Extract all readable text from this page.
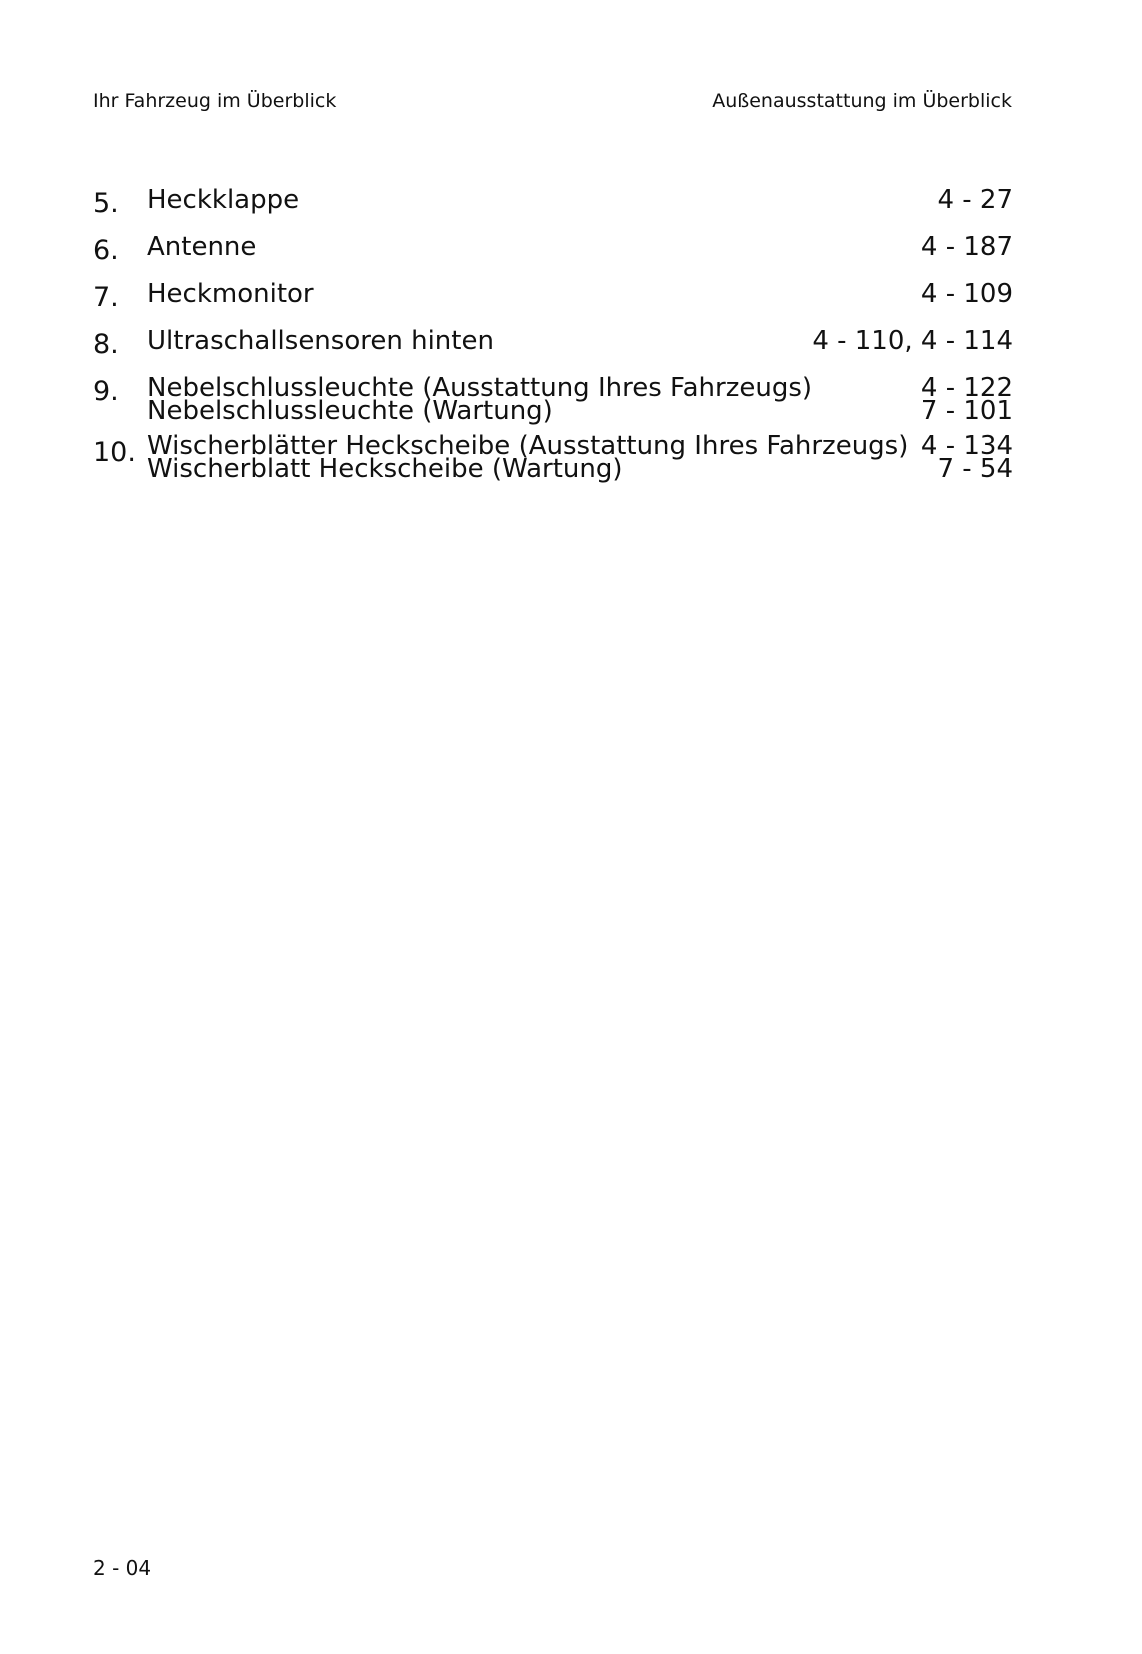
Ihr Fahrzeug im Überblick	Außenausstattung im Überblick
5. Heckklappe	4 - 27
6. Antenne	4 - 187
7. Heckmonitor	4 - 109
8. Ultraschallsensoren hinten	4 - 110, 4 - 114
9. Nebelschlussleuchte (Ausstattung Ihres Fahrzeugs)	4 - 122
Nebelschlussleuchte (Wartung)	7 - 101
10. Wischerblätter Heckscheibe (Ausstattung Ihres Fahrzeugs) 4 - 134
Wischerblatt Heckscheibe (Wartung)	7 - 54
2 - 04
